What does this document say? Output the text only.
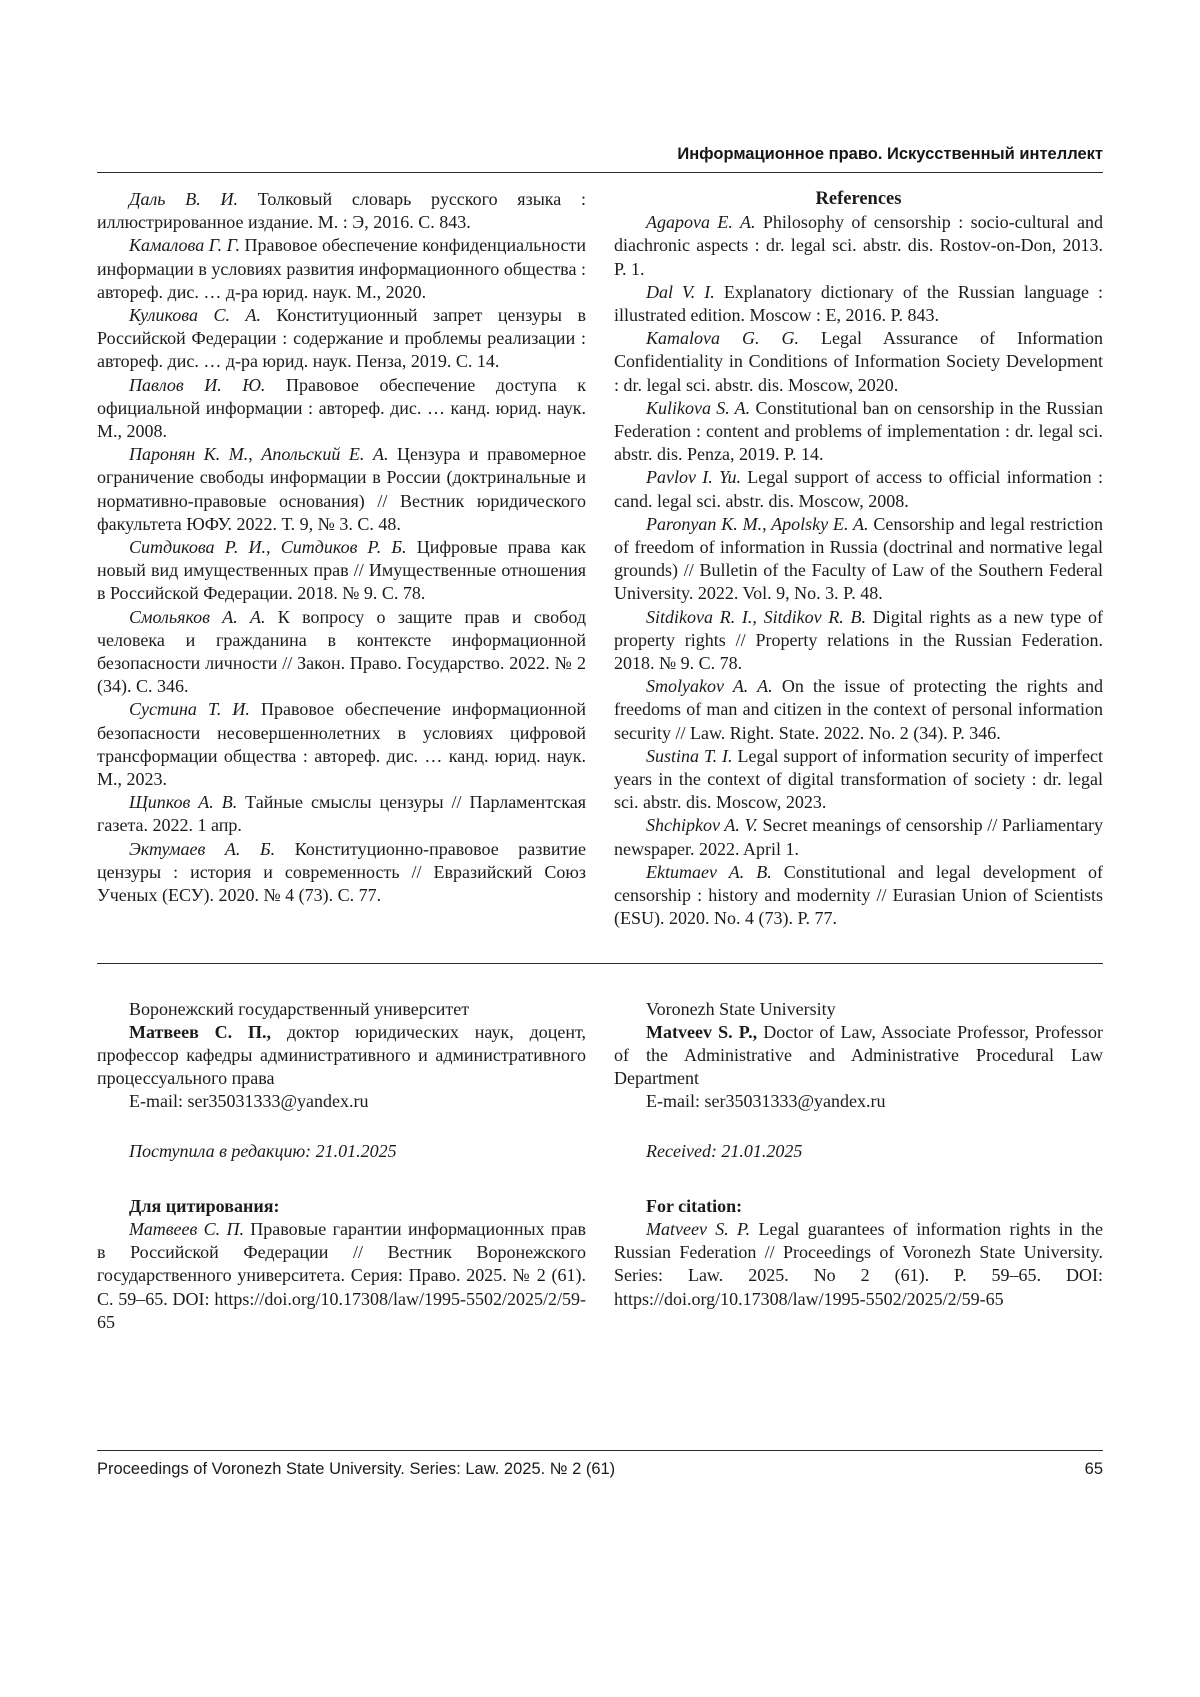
Информационное право. Искусственный интеллект

Даль В. И. Толковый словарь русского языка : иллюстрированное издание. М. : Э, 2016. С. 843.

Камалова Г. Г. Правовое обеспечение конфиденциальности информации в условиях развития информационного общества : автореф. дис. … д-ра юрид. наук. М., 2020.

Куликова С. А. Конституционный запрет цензуры в Российской Федерации : содержание и проблемы реализации : автореф. дис. … д-ра юрид. наук. Пенза, 2019. С. 14.

Павлов И. Ю. Правовое обеспечение доступа к официальной информации : автореф. дис. … канд. юрид. наук. М., 2008.

Паронян К. М., Апольский Е. А. Цензура и правомерное ограничение свободы информации в России (доктринальные и нормативно-правовые основания) // Вестник юридического факультета ЮФУ. 2022. Т. 9, № 3. С. 48.

Ситдикова Р. И., Ситдиков Р. Б. Цифровые права как новый вид имущественных прав // Имущественные отношения в Российской Федерации. 2018. № 9. С. 78.

Смольяков А. А. К вопросу о защите прав и свобод человека и гражданина в контексте информационной безопасности личности // Закон. Право. Государство. 2022. № 2 (34). С. 346.

Сустина Т. И. Правовое обеспечение информационной безопасности несовершеннолетних в условиях цифровой трансформации общества : автореф. дис. … канд. юрид. наук. М., 2023.

Щипков А. В. Тайные смыслы цензуры // Парламентская газета. 2022. 1 апр.

Эктумаев А. Б. Конституционно-правовое развитие цензуры : история и современность // Евразийский Союз Ученых (ЕСУ). 2020. № 4 (73). С. 77.

References

Agapova E. A. Philosophy of censorship : socio-cultural and diachronic aspects : dr. legal sci. abstr. dis. Rostov-on-Don, 2013. P. 1.

Dal V. I. Explanatory dictionary of the Russian language : illustrated edition. Moscow : E, 2016. P. 843.

Kamalova G. G. Legal Assurance of Information Confidentiality in Conditions of Information Society Development : dr. legal sci. abstr. dis. Moscow, 2020.

Kulikova S. A. Constitutional ban on censorship in the Russian Federation : content and problems of implementation : dr. legal sci. abstr. dis. Penza, 2019. P. 14.

Pavlov I. Yu. Legal support of access to official information : cand. legal sci. abstr. dis. Moscow, 2008.

Paronyan K. M., Apolsky E. A. Censorship and legal restriction of freedom of information in Russia (doctrinal and normative legal grounds) // Bulletin of the Faculty of Law of the Southern Federal University. 2022. Vol. 9, No. 3. P. 48.

Sitdikova R. I., Sitdikov R. B. Digital rights as a new type of property rights // Property relations in the Russian Federation. 2018. № 9. C. 78.

Smolyakov A. A. On the issue of protecting the rights and freedoms of man and citizen in the context of personal information security // Law. Right. State. 2022. No. 2 (34). P. 346.

Sustina T. I. Legal support of information security of imperfect years in the context of digital transformation of society : dr. legal sci. abstr. dis. Moscow, 2023.

Shchipkov A. V. Secret meanings of censorship // Parliamentary newspaper. 2022. April 1.

Ektumaev A. B. Constitutional and legal development of censorship : history and modernity // Eurasian Union of Scientists (ESU). 2020. No. 4 (73). P. 77.

Воронежский государственный университет

Матвеев С. П., доктор юридических наук, доцент, профессор кафедры административного и административного процессуального права

E-mail: ser35031333@yandex.ru

Поступила в редакцию: 21.01.2025

Для цитирования:

Матвеев С. П. Правовые гарантии информационных прав в Российской Федерации // Вестник Воронежского государственного университета. Серия: Право. 2025. № 2 (61). С. 59–65. DOI: https://doi.org/10.17308/law/1995-5502/2025/2/59-65

Voronezh State University

Matveev S. P., Doctor of Law, Associate Professor, Professor of the Administrative and Administrative Procedural Law Department

E-mail: ser35031333@yandex.ru

Received: 21.01.2025

For citation:

Matveev S. P. Legal guarantees of information rights in the Russian Federation // Proceedings of Voronezh State University. Series: Law. 2025. No 2 (61). P. 59–65. DOI: https://doi.org/10.17308/law/1995-5502/2025/2/59-65

Proceedings of Voronezh State University. Series: Law. 2025. № 2 (61)	65
